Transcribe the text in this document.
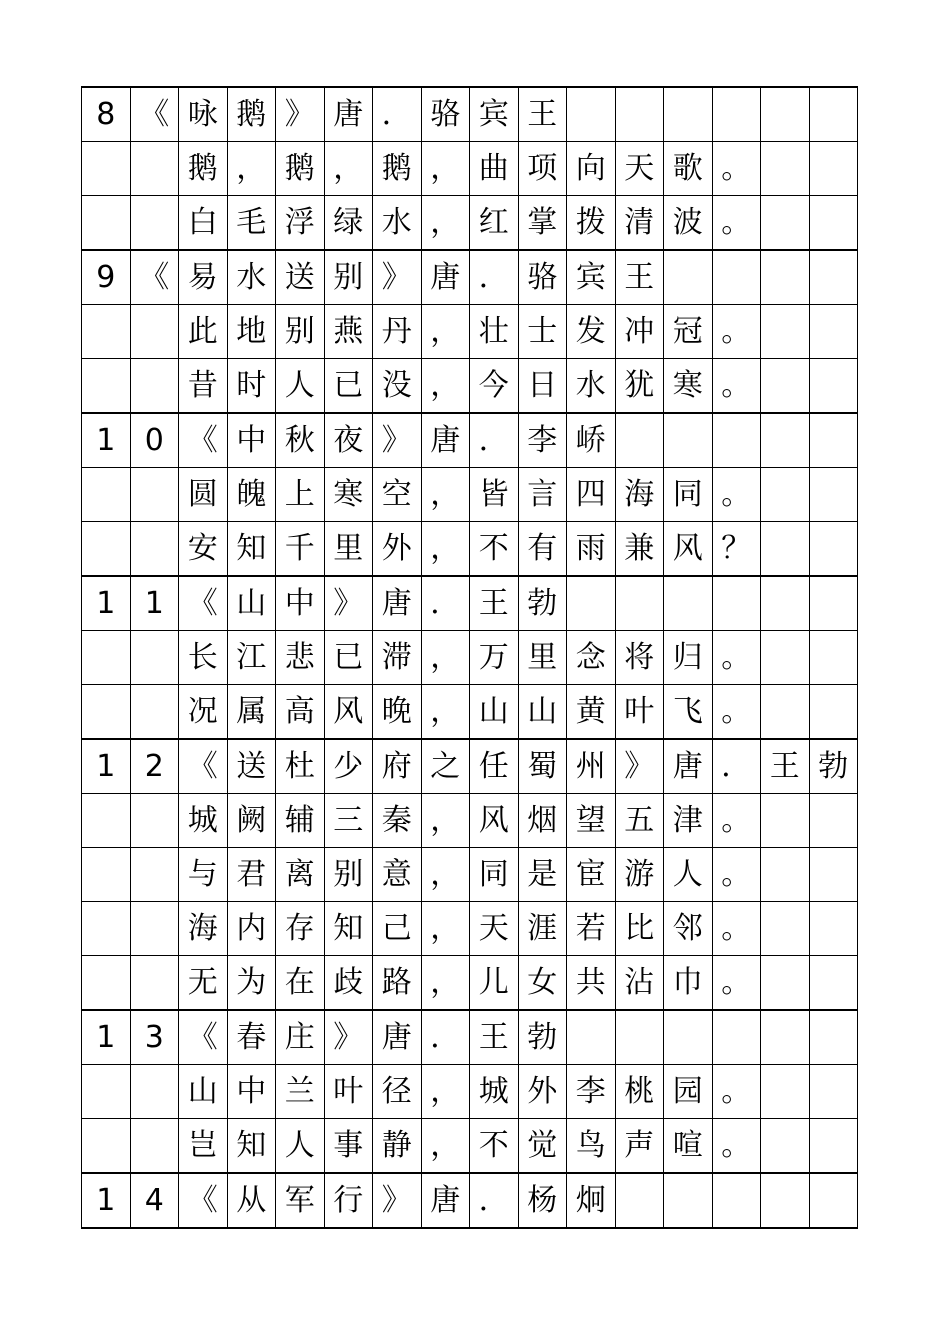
8	《	咏	鹅	》	唐	．	骆	宾	王						
		鹅	，	鹅	，	鹅	，	曲	项	向	天	歌	。		
		白	毛	浮	绿	水	，	红	掌	拨	清	波	。		
9	《	易	水	送	别	》	唐	．	骆	宾	王				
		此	地	别	燕	丹	，	壮	士	发	冲	冠	。		
		昔	时	人	已	没	，	今	日	水	犹	寒	。		
1	0	《	中	秋	夜	》	唐	．	李	峤					
		圆	魄	上	寒	空	，	皆	言	四	海	同	。		
		安	知	千	里	外	，	不	有	雨	兼	风	？		
1	1	《	山	中	》	唐	．	王	勃						
		长	江	悲	已	滞	，	万	里	念	将	归	。		
		况	属	高	风	晚	，	山	山	黄	叶	飞	。		
1	2	《	送	杜	少	府	之	任	蜀	州	》	唐	．	王	勃
		城	阙	辅	三	秦	，	风	烟	望	五	津	。		
		与	君	离	别	意	，	同	是	宦	游	人	。		
		海	内	存	知	己	，	天	涯	若	比	邻	。		
		无	为	在	歧	路	，	儿	女	共	沾	巾	。		
1	3	《	春	庄	》	唐	．	王	勃						
		山	中	兰	叶	径	，	城	外	李	桃	园	。		
		岂	知	人	事	静	，	不	觉	鸟	声	喧	。		
1	4	《	从	军	行	》	唐	．	杨	炯					
